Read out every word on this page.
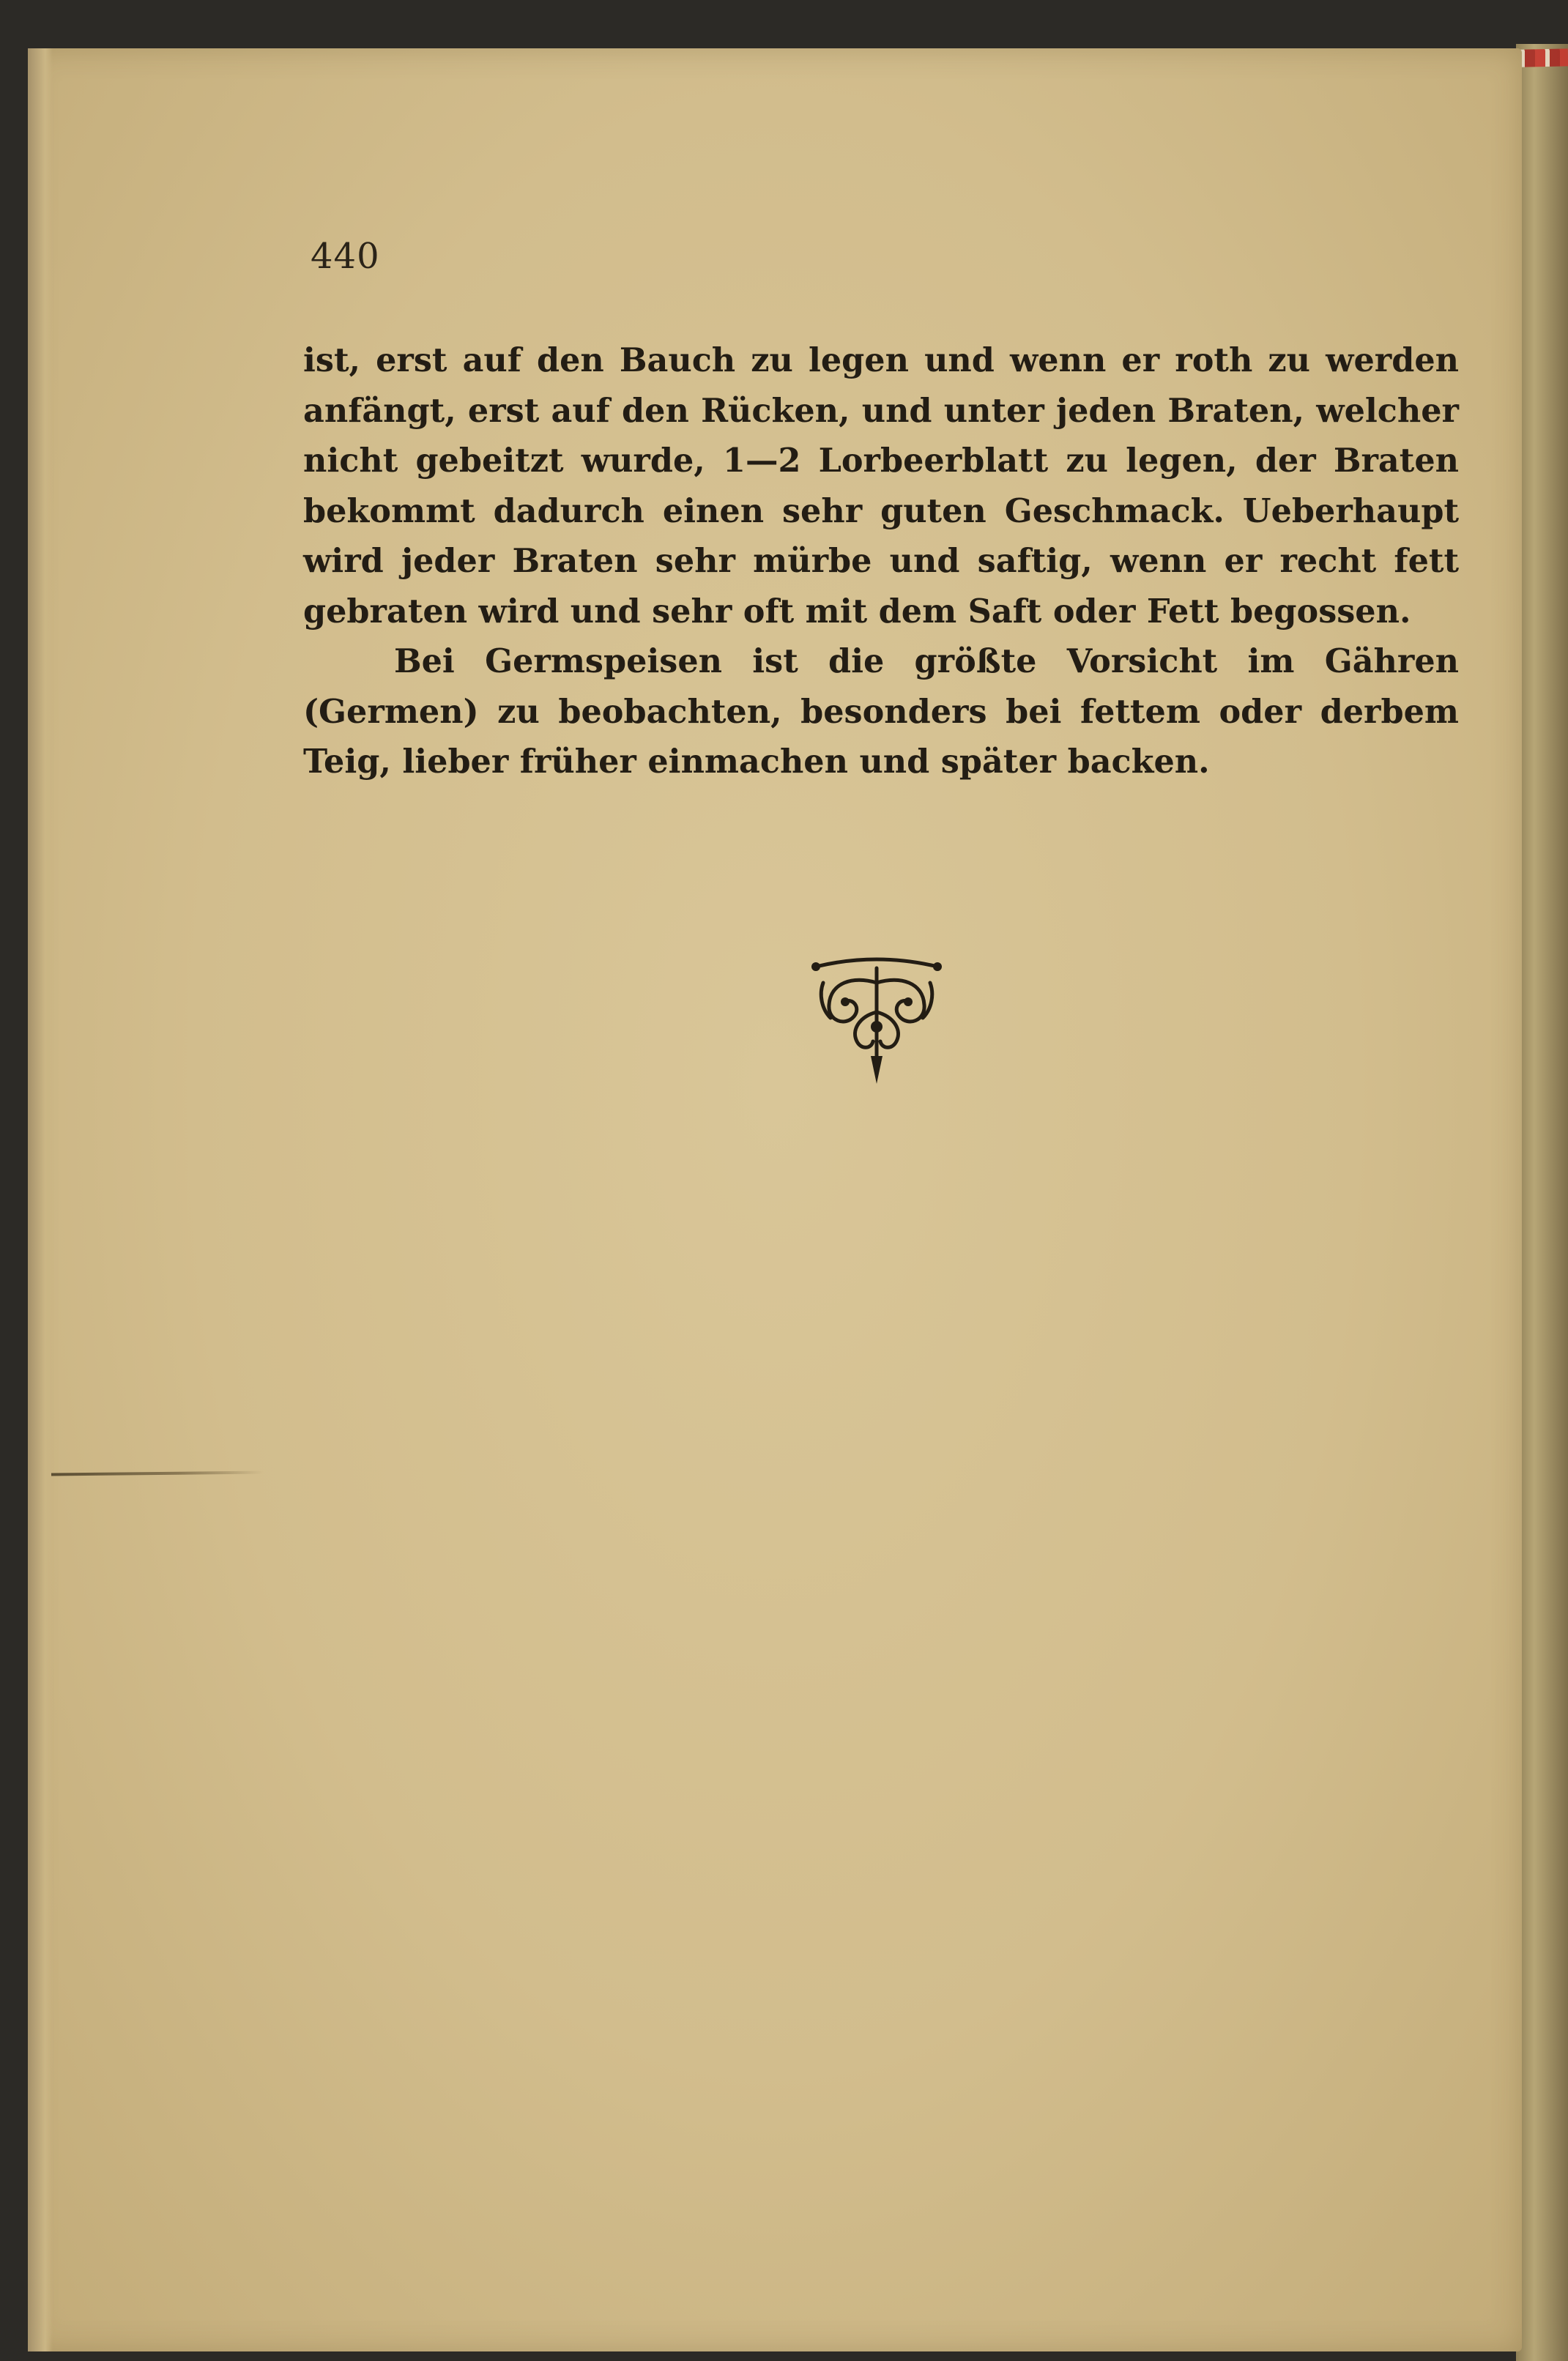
440

ist, erst auf den Bauch zu legen und wenn er roth zu werden anfängt, erst auf den Rücken, und unter jeden Braten, welcher nicht gebeitzt wurde, 1—2 Lorbeerblatt zu legen, der Braten bekommt dadurch einen sehr guten Geschmack. Ueberhaupt wird jeder Braten sehr mürbe und saftig, wenn er recht fett gebraten wird und sehr oft mit dem Saft oder Fett begossen.

Bei Germspeisen ist die größte Vorsicht im Gähren (Germen) zu beobachten, besonders bei fettem oder derbem Teig, lieber früher einmachen und später backen.
